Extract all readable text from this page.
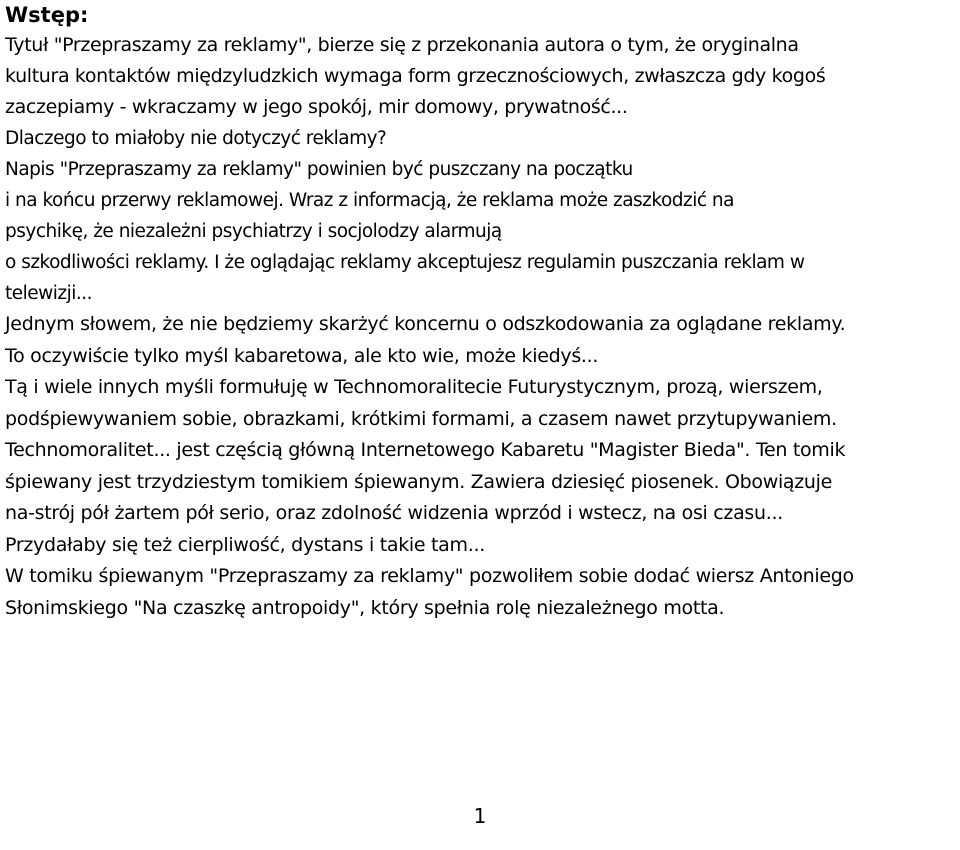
Wstęp:
Tytuł "Przepraszamy za reklamy", bierze się z przekonania autora o tym, że oryginalna
kultura kontaktów międzyludzkich wymaga form grzecznościowych, zwłaszcza gdy kogoś
zaczepiamy - wkraczamy w jego spokój, mir domowy, prywatność...
Dlaczego to miałoby nie dotyczyć reklamy?
Napis "Przepraszamy za reklamy" powinien być puszczany na początku
i na końcu przerwy reklamowej. Wraz z informacją, że reklama może zaszkodzić na
psychikę, że niezależni psychiatrzy i socjolodzy alarmują
o szkodliwości reklamy. I że oglądając reklamy akceptujesz regulamin puszczania reklam w
telewizji...
Jednym słowem, że nie będziemy skarżyć koncernu o odszkodowania za oglądane reklamy.
To oczywiście tylko myśl kabaretowa, ale kto wie, może kiedyś...
Tą i wiele innych myśli formułuję w Technomoralitecie Futurystycznym, prozą, wierszem,
podśpiewywaniem sobie, obrazkami, krótkimi formami, a czasem nawet przytupywaniem.
Technomoralitet... jest częścią główną Internetowego Kabaretu "Magister Bieda". Ten tomik
śpiewany jest trzydziestym tomikiem śpiewanym. Zawiera dziesięć piosenek. Obowiązuje
na-strój pół żartem pół serio, oraz zdolność widzenia wprzód i wstecz, na osi czasu...
Przydałaby się też cierpliwość, dystans i takie tam...
W tomiku śpiewanym "Przepraszamy za reklamy" pozwoliłem sobie dodać wiersz Antoniego
Słonimskiego "Na czaszkę antropoidy", który spełnia rolę niezależnego motta.
1
